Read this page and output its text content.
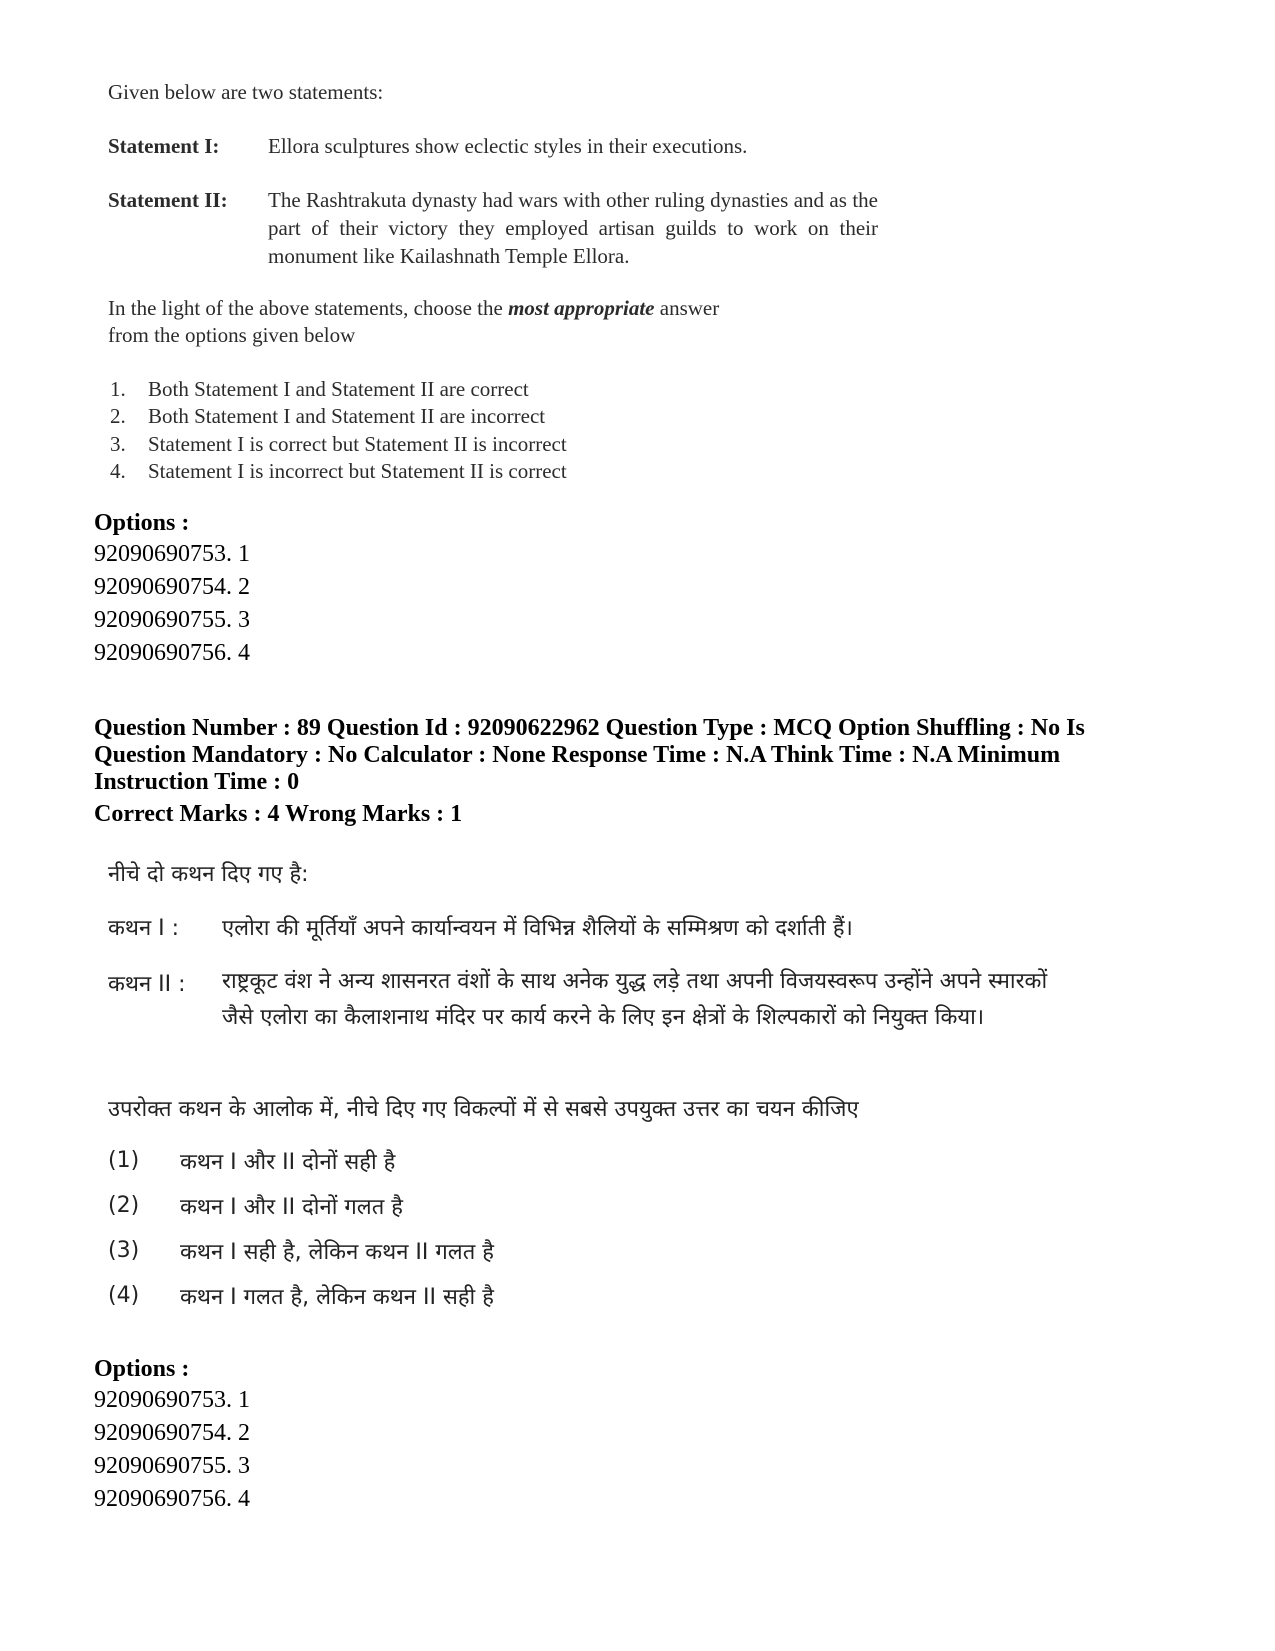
Given below are two statements:
Statement I: Ellora sculptures show eclectic styles in their executions.
Statement II: The Rashtrakuta dynasty had wars with other ruling dynasties and as the part of their victory they employed artisan guilds to work on their monument like Kailashnath Temple Ellora.
In the light of the above statements, choose the most appropriate answer
from the options given below
1. Both Statement I and Statement II are correct
2. Both Statement I and Statement II are incorrect
3. Statement I is correct but Statement II is incorrect
4. Statement I is incorrect but Statement II is correct
Options :
92090690753. 1
92090690754. 2
92090690755. 3
92090690756. 4
Question Number : 89 Question Id : 92090622962 Question Type : MCQ Option Shuffling : No Is
Question Mandatory : No Calculator : None Response Time : N.A Think Time : N.A Minimum
Instruction Time : 0
Correct Marks : 4 Wrong Marks : 1
नीचे दो कथन दिए गए है:
कथन I : एलोरा की मूर्तियाँ अपने कार्यान्वयन में विभिन्न शैलियों के सम्मिश्रण को दर्शाती हैं।
कथन II : राष्ट्रकूट वंश ने अन्य शासनरत वंशों के साथ अनेक युद्ध लड़े तथा अपनी विजयस्वरूप उन्होंने अपने स्मारकों जैसे एलोरा का कैलाशनाथ मंदिर पर कार्य करने के लिए इन क्षेत्रों के शिल्पकारों को नियुक्त किया।
उपरोक्त कथन के आलोक में, नीचे दिए गए विकल्पों में से सबसे उपयुक्त उत्तर का चयन कीजिए
(1) कथन I और II दोनों सही है
(2) कथन I और II दोनों गलत है
(3) कथन I सही है, लेकिन कथन II गलत है
(4) कथन I गलत है, लेकिन कथन II सही है
Options :
92090690753. 1
92090690754. 2
92090690755. 3
92090690756. 4
